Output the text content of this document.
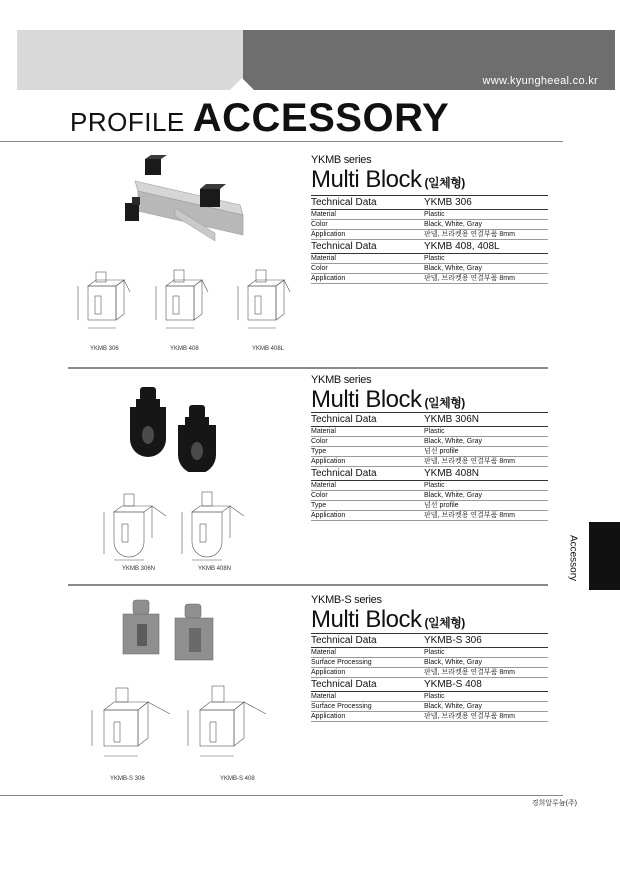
www.kyungheeal.co.kr
PROFILE ACCESSORY
YKMB series
Multi Block (일체형)
Technical Data	YKMB 306
Material	Plastic
Color	Black, White, Gray
Application	판넬, 브라켓용 연결부품 8mm
Technical Data	YKMB 408, 408L
Material	Plastic
Color	Black, White, Gray
Application	판넬, 브라켓용 연결부품 8mm
YKMB 306	YKMB 408	YKMB 408L
YKMB series
Multi Block (일체형)
Technical Data	YKMB 306N
Material	Plastic
Color	Black, White, Gray
Type	넘선 profile
Application	판넬, 브라켓용 연결부품 8mm
Technical Data	YKMB 408N
Material	Plastic
Color	Black, White, Gray
Type	넘선 profile
Application	판넬, 브라켓용 연결부품 8mm
YKMB 306N	YKMB 408N
YKMB-S series
Multi Block (일체형)
Technical Data	YKMB-S 306
Material	Plastic
Surface Processing	Black, White, Gray
Application	판넬, 브라켓용 연결부품 8mm
Technical Data	YKMB-S 408
Material	Plastic
Surface Processing	Black, White, Gray
Application	판넬, 브라켓용 연결부품 8mm
YKMB-S 306	YKMB-S 408
Accessory
경희알루늄(주)
